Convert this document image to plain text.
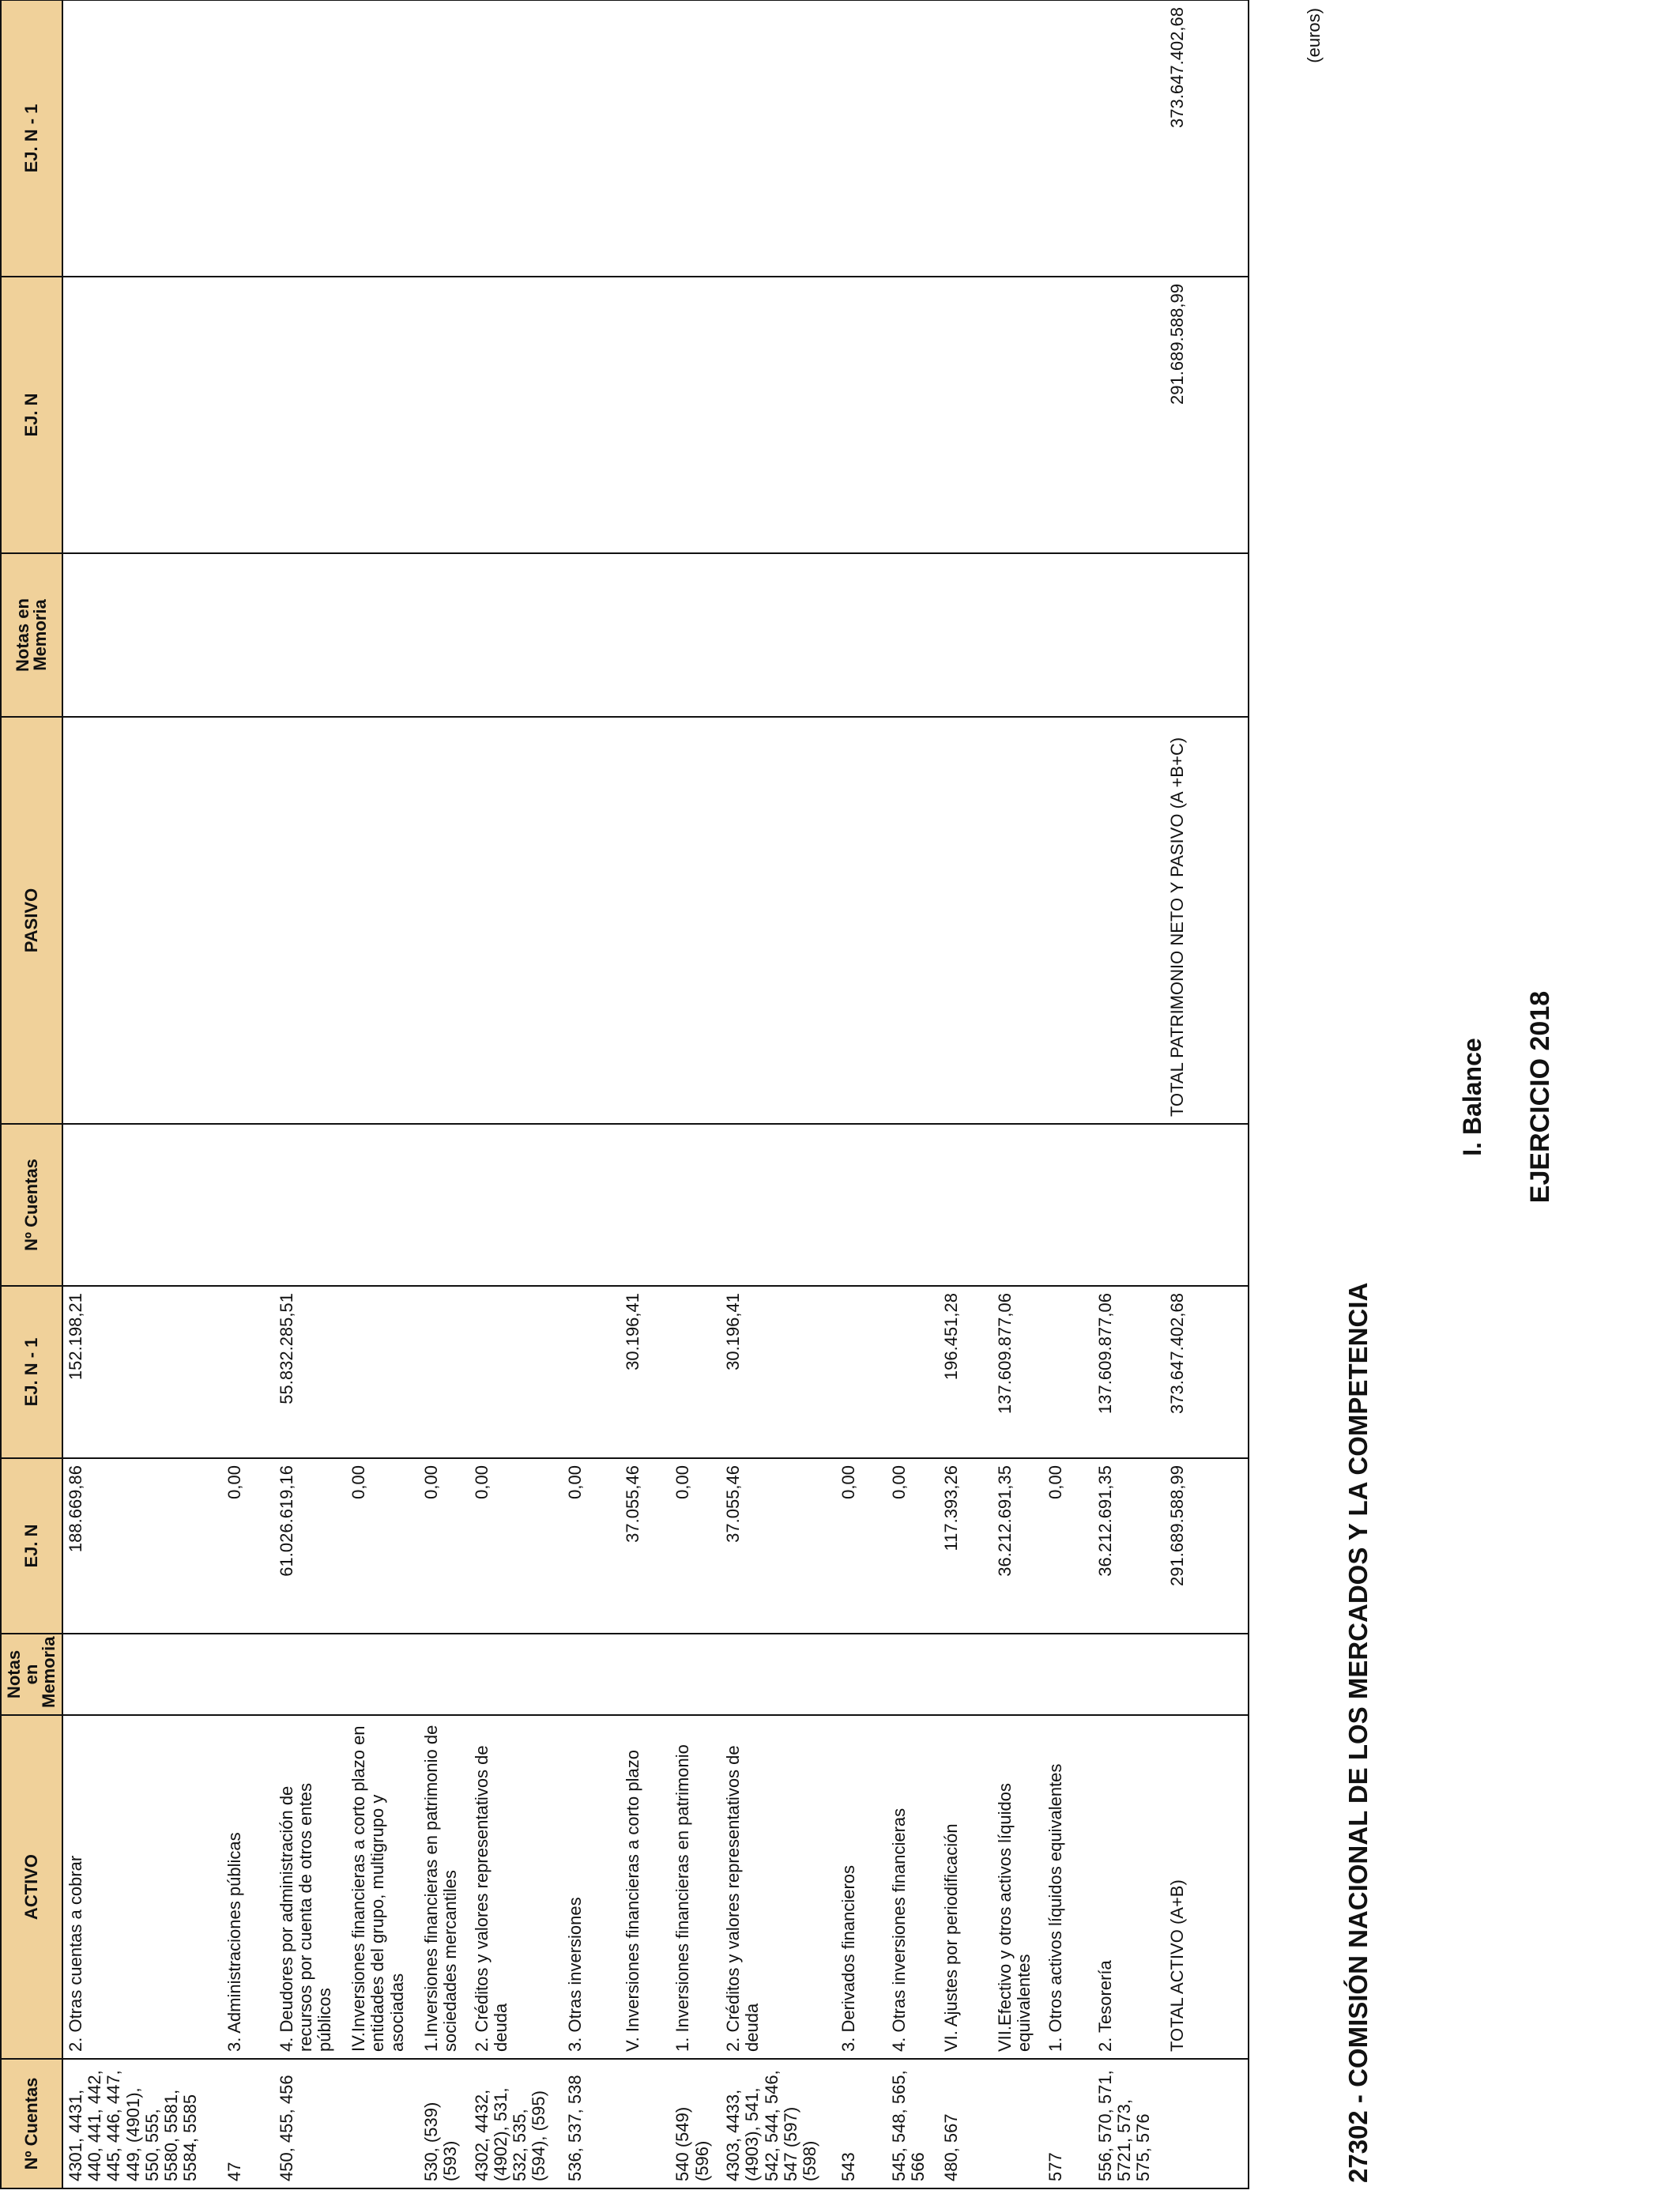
Nº Cuentas	ACTIVO	Notas en Memoria	EJ. N	EJ. N - 1	Nº Cuentas	PASIVO	Notas en Memoria	EJ. N	EJ. N - 1
4301, 4431, 440, 441, 442, 445, 446, 447, 449, (4901), 550, 555, 5580, 5581, 5584, 5585	2. Otras cuentas a cobrar		188.669,86	152.198,21					
47	3. Administraciones públicas		0,00						
450, 455, 456	4. Deudores por administración de recursos por cuenta de otros entes públicos		61.026.619,16	55.832.285,51					
	IV.Inversiones financieras a corto plazo en entidades del grupo, multigrupo y asociadas		0,00						
530, (539) (593)	1.Inversiones financieras en patrimonio de sociedades mercantiles		0,00						
4302, 4432, (4902), 531, 532, 535, (594), (595)	2. Créditos y valores representativos de deuda		0,00						
536, 537, 538	3. Otras inversiones		0,00						
	V. Inversiones financieras a corto plazo		37.055,46	30.196,41					
540 (549) (596)	1. Inversiones financieras en patrimonio		0,00						
4303, 4433, (4903), 541, 542, 544, 546, 547 (597) (598)	2. Créditos y valores representativos de deuda		37.055,46	30.196,41					
543	3. Derivados financieros		0,00						
545, 548, 565, 566	4. Otras inversiones financieras		0,00						
480, 567	VI. Ajustes por periodificación		117.393,26	196.451,28					
	VII.Efectivo y otros activos líquidos equivalentes		36.212.691,35	137.609.877,06					
577	1. Otros activos líquidos equivalentes		0,00						
556, 570, 571, 5721, 573, 575, 576	2. Tesorería		36.212.691,35	137.609.877,06					
	TOTAL ACTIVO (A+B)		291.689.588,99	373.647.402,68		TOTAL PATRIMONIO NETO Y PASIVO (A +B+C)		291.689.588,99	373.647.402,68
27302 - COMISIÓN NACIONAL DE LOS MERCADOS Y LA COMPETENCIA
(euros)
I. Balance EJERCICIO 2018
